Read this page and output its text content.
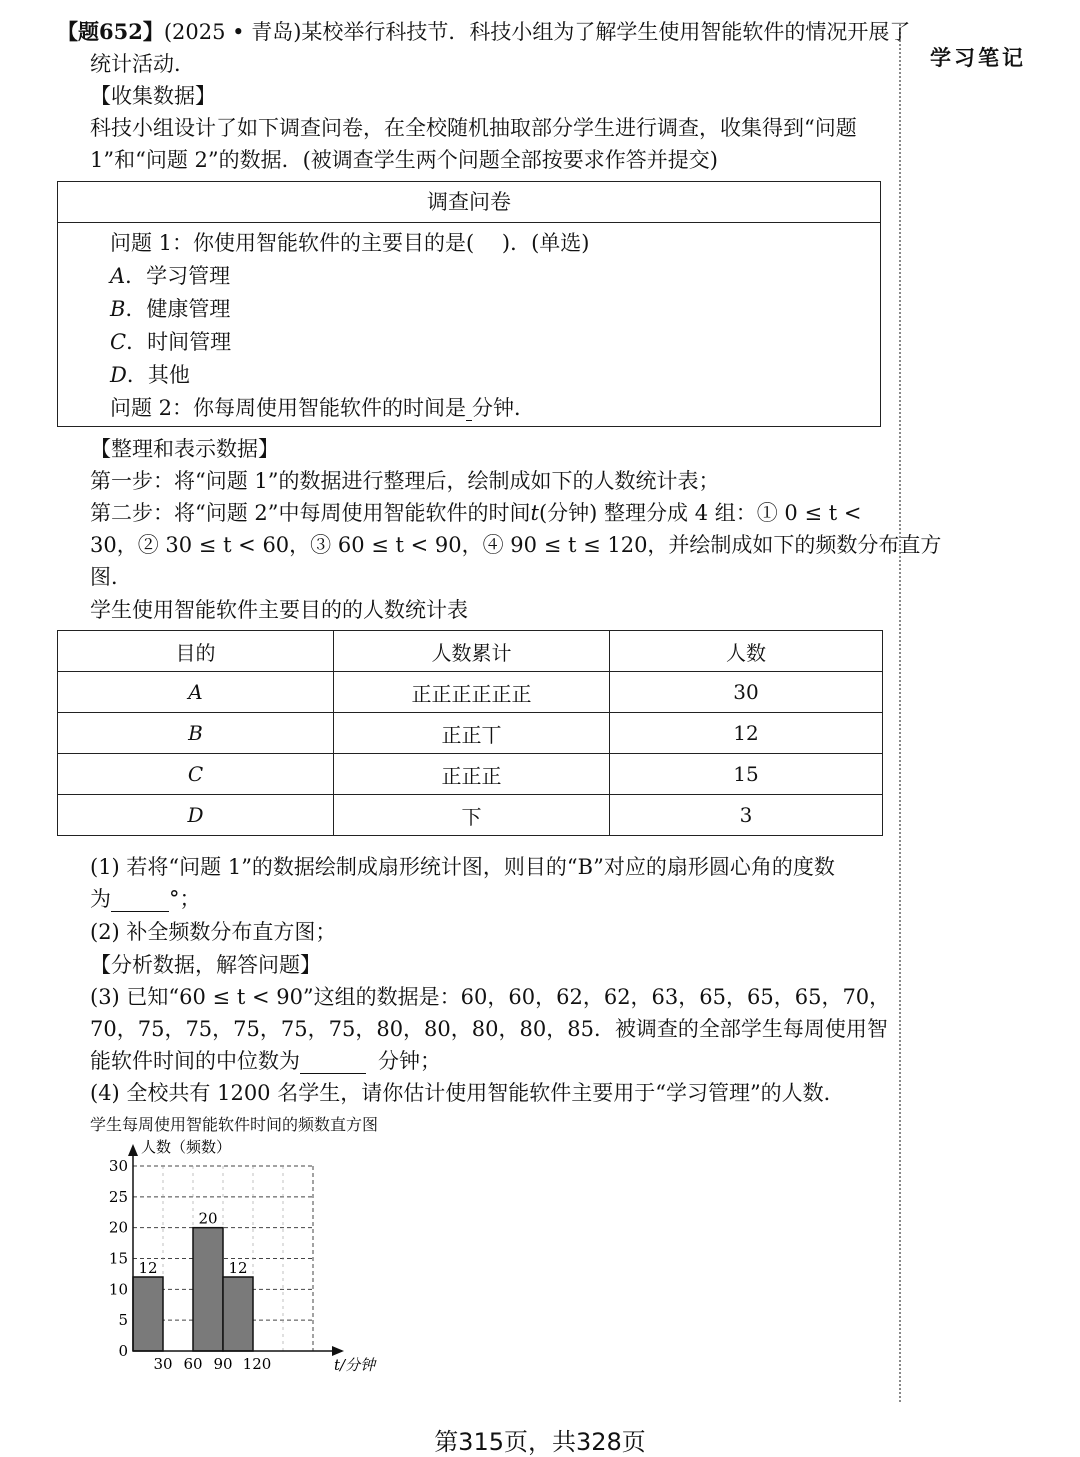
学习笔记
【题652】(2025 • 青岛)某校举行科技节．科技小组为了解学生使用智能软件的情况开展了
统计活动．
【收集数据】
科技小组设计了如下调查问卷，在全校随机抽取部分学生进行调查，收集得到“问题
1”和“问题 2”的数据．(被调查学生两个问题全部按要求作答并提交)
调查问卷
问题 1：你使用智能软件的主要目的是(　 )．(单选)
A．学习管理
B．健康管理
C．时间管理
D．其他
问题 2：你每周使用智能软件的时间是 分钟．
【整理和表示数据】
第一步：将“问题 1”的数据进行整理后，绘制成如下的人数统计表；
第二步：将“问题 2”中每周使用智能软件的时间t(分钟) 整理分成 4 组：① 0 ≤ t <
30，② 30 ≤ t < 60，③ 60 ≤ t < 90，④ 90 ≤ t ≤ 120，并绘制成如下的频数分布直方
图．
学生使用智能软件主要目的的人数统计表
目的	人数累计	人数
A	正正正正正正	30
B	正正丅	12
C	正正正	15
D	下	3
(1) 若将“问题 1”的数据绘制成扇形统计图，则目的“B”对应的扇形圆心角的度数
为	°；
(2) 补全频数分布直方图；
【分析数据，解答问题】
(3) 已知“60 ≤ t < 90”这组的数据是：60，60，62，62，63，65，65，65，70，
70，75，75，75，75，75，80，80，80，80，85．被调查的全部学生每周使用智
能软件时间的中位数为	分钟；
(4) 全校共有 1200 名学生，请你估计使用智能软件主要用于“学习管理”的人数．
学生每周使用智能软件时间的频数直方图
12
20
12
0
5
10
15
20
25
30
30 60 90 120
人数（频数）
t/分钟
第315页，共328页
